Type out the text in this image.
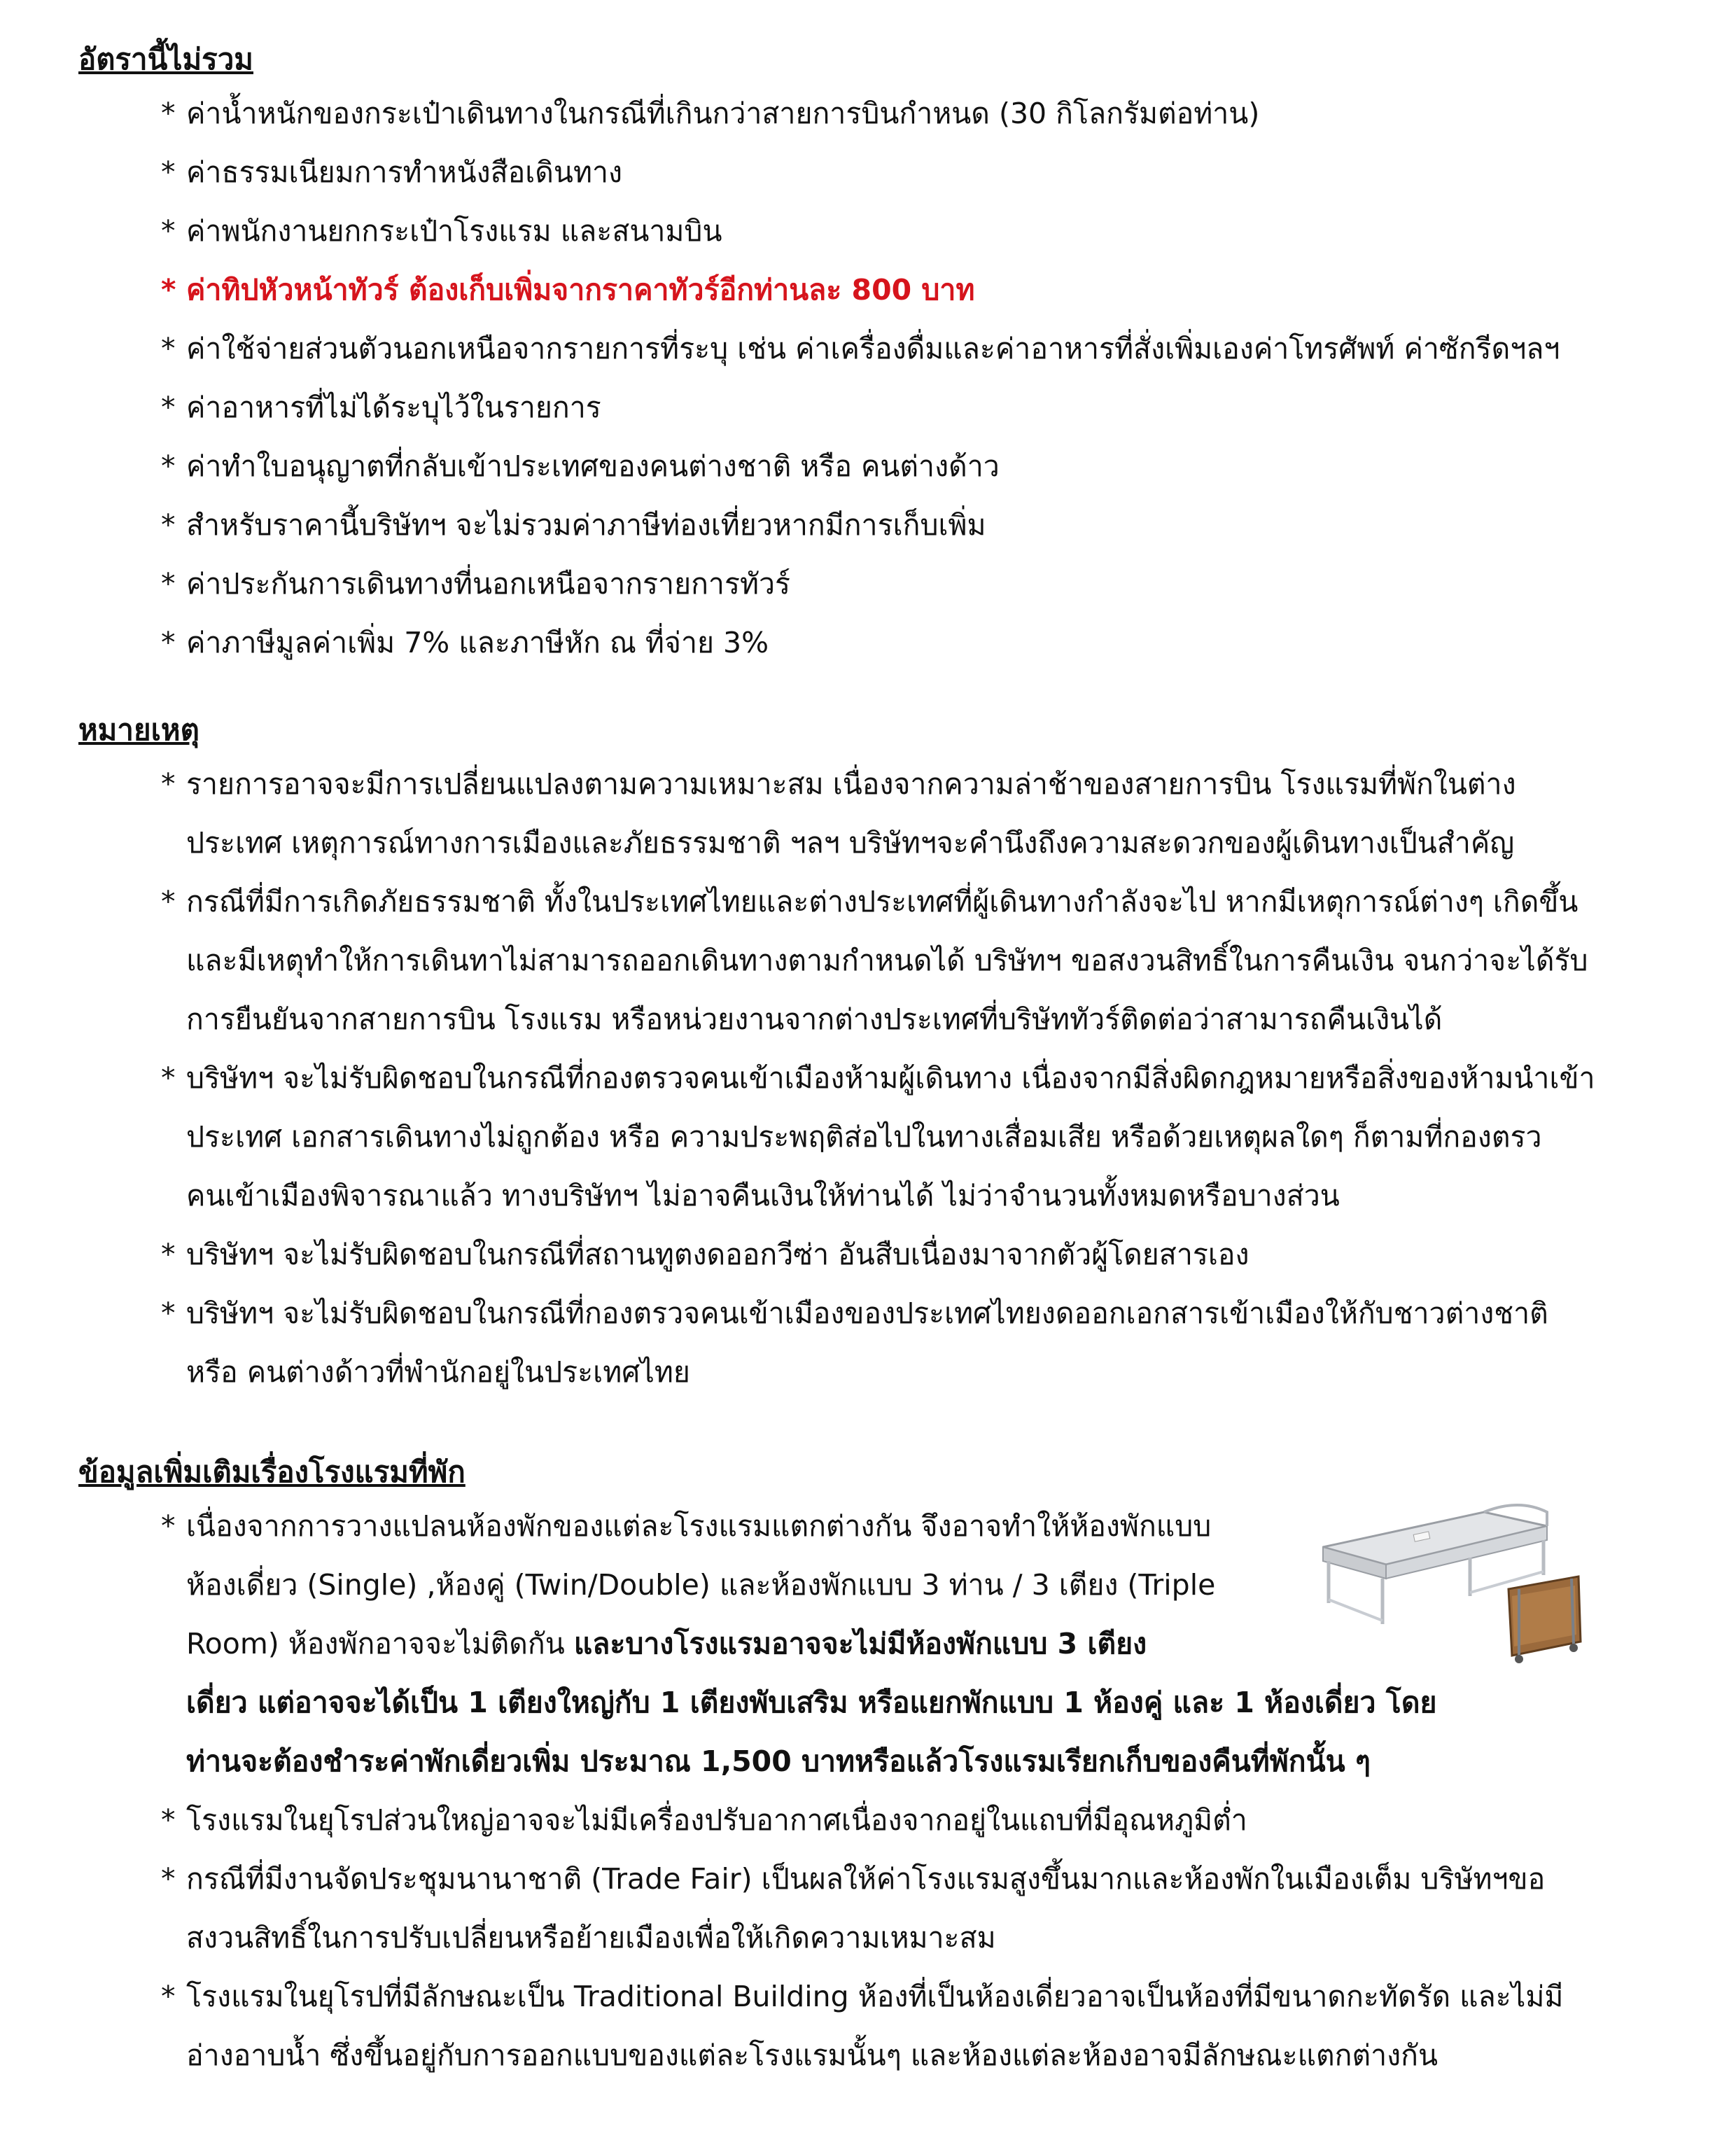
อัตรานี้ไม่รวม

* ค่าน้ำหนักของกระเป๋าเดินทางในกรณีที่เกินกว่าสายการบินกำหนด (30 กิโลกรัมต่อท่าน)

* ค่าธรรมเนียมการทำหนังสือเดินทาง

* ค่าพนักงานยกกระเป๋าโรงแรม และสนามบิน

* ค่าทิปหัวหน้าทัวร์ ต้องเก็บเพิ่มจากราคาทัวร์อีกท่านละ 800 บาท

* ค่าใช้จ่ายส่วนตัวนอกเหนือจากรายการที่ระบุ เช่น ค่าเครื่องดื่มและค่าอาหารที่สั่งเพิ่มเองค่าโทรศัพท์ ค่าซักรีดฯลฯ

* ค่าอาหารที่ไม่ได้ระบุไว้ในรายการ

* ค่าทำใบอนุญาตที่กลับเข้าประเทศของคนต่างชาติ หรือ คนต่างด้าว

* สำหรับราคานี้บริษัทฯ จะไม่รวมค่าภาษีท่องเที่ยวหากมีการเก็บเพิ่ม

* ค่าประกันการเดินทางที่นอกเหนือจากรายการทัวร์

* ค่าภาษีมูลค่าเพิ่ม 7% และภาษีหัก ณ ที่จ่าย 3%

หมายเหตุ

* รายการอาจจะมีการเปลี่ยนแปลงตามความเหมาะสม เนื่องจากความล่าช้าของสายการบิน โรงแรมที่พักในต่าง

ประเทศ เหตุการณ์ทางการเมืองและภัยธรรมชาติ ฯลฯ บริษัทฯจะคำนึงถึงความสะดวกของผู้เดินทางเป็นสำคัญ

* กรณีที่มีการเกิดภัยธรรมชาติ ทั้งในประเทศไทยและต่างประเทศที่ผู้เดินทางกำลังจะไป หากมีเหตุการณ์ต่างๆ เกิดขึ้น

และมีเหตุทำให้การเดินทาไม่สามารถออกเดินทางตามกำหนดได้ บริษัทฯ ขอสงวนสิทธิ์ในการคืนเงิน จนกว่าจะได้รับ

การยืนยันจากสายการบิน โรงแรม หรือหน่วยงานจากต่างประเทศที่บริษัททัวร์ติดต่อว่าสามารถคืนเงินได้

* บริษัทฯ จะไม่รับผิดชอบในกรณีที่กองตรวจคนเข้าเมืองห้ามผู้เดินทาง เนื่องจากมีสิ่งผิดกฎหมายหรือสิ่งของห้ามนำเข้า

ประเทศ เอกสารเดินทางไม่ถูกต้อง หรือ ความประพฤติส่อไปในทางเสื่อมเสีย หรือด้วยเหตุผลใดๆ ก็ตามที่กองตรว

คนเข้าเมืองพิจารณาแล้ว ทางบริษัทฯ ไม่อาจคืนเงินให้ท่านได้ ไม่ว่าจำนวนทั้งหมดหรือบางส่วน

* บริษัทฯ จะไม่รับผิดชอบในกรณีที่สถานทูตงดออกวีซ่า อันสืบเนื่องมาจากตัวผู้โดยสารเอง

* บริษัทฯ จะไม่รับผิดชอบในกรณีที่กองตรวจคนเข้าเมืองของประเทศไทยงดออกเอกสารเข้าเมืองให้กับชาวต่างชาติ

หรือ คนต่างด้าวที่พำนักอยู่ในประเทศไทย

ข้อมูลเพิ่มเติมเรื่องโรงแรมที่พัก

* เนื่องจากการวางแปลนห้องพักของแต่ละโรงแรมแตกต่างกัน จึงอาจทำให้ห้องพักแบบ

ห้องเดี่ยว (Single) ,ห้องคู่ (Twin/Double) และห้องพักแบบ 3 ท่าน / 3 เตียง (Triple

Room) ห้องพักอาจจะไม่ติดกัน และบางโรงแรมอาจจะไม่มีห้องพักแบบ 3 เตียง

เดี่ยว แต่อาจจะได้เป็น 1 เตียงใหญ่กับ 1 เตียงพับเสริม หรือแยกพักแบบ 1 ห้องคู่ และ 1 ห้องเดี่ยว โดย

ท่านจะต้องชำระค่าพักเดี่ยวเพิ่ม ประมาณ 1,500 บาทหรือแล้วโรงแรมเรียกเก็บของคืนที่พักนั้น ๆ

* โรงแรมในยุโรปส่วนใหญ่อาจจะไม่มีเครื่องปรับอากาศเนื่องจากอยู่ในแถบที่มีอุณหภูมิต่ำ

* กรณีที่มีงานจัดประชุมนานาชาติ (Trade Fair) เป็นผลให้ค่าโรงแรมสูงขึ้นมากและห้องพักในเมืองเต็ม บริษัทฯขอ

สงวนสิทธิ์ในการปรับเปลี่ยนหรือย้ายเมืองเพื่อให้เกิดความเหมาะสม

* โรงแรมในยุโรปที่มีลักษณะเป็น Traditional Building ห้องที่เป็นห้องเดี่ยวอาจเป็นห้องที่มีขนาดกะทัดรัด และไม่มี

อ่างอาบน้ำ ซึ่งขึ้นอยู่กับการออกแบบของแต่ละโรงแรมนั้นๆ และห้องแต่ละห้องอาจมีลักษณะแตกต่างกัน
